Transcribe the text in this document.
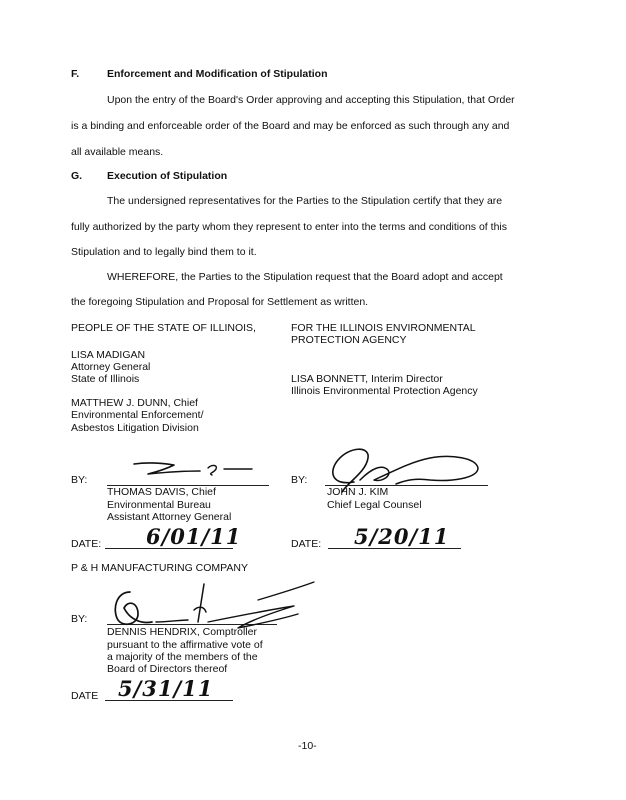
F.	Enforcement and Modification of Stipulation
Upon the entry of the Board's Order approving and accepting this Stipulation, that Order
is a binding and enforceable order of the Board and may be enforced as such through any and
all available means.
G. Execution of Stipulation
The undersigned representatives for the Parties to the Stipulation certify that they are
fully authorized by the party whom they represent to enter into the terms and conditions of this
Stipulation and to legally bind them to it.
WHEREFORE, the Parties to the Stipulation request that the Board adopt and accept
the foregoing Stipulation and Proposal for Settlement as written.
PEOPLE OF THE STATE OF ILLINOIS,
LISA MADIGAN
Attorney General
State of Illinois
MATTHEW J. DUNN, Chief
Environmental Enforcement/
Asbestos Litigation Division
FOR THE ILLINOIS ENVIRONMENTAL
PROTECTION AGENCY
LISA BONNETT, Interim Director
Illinois Environmental Protection Agency
BY:
THOMAS DAVIS, Chief
Environmental Bureau
Assistant Attorney General
DATE: 6/01/11
BY:
JOHN J. KIM
Chief Legal Counsel
DATE: 5/20/11
P & H MANUFACTURING COMPANY
BY:
DENNIS HENDRIX, Comptroller
pursuant to the affirmative vote of
a majority of the members of the
Board of Directors thereof
DATE 5/31/11
-10-
